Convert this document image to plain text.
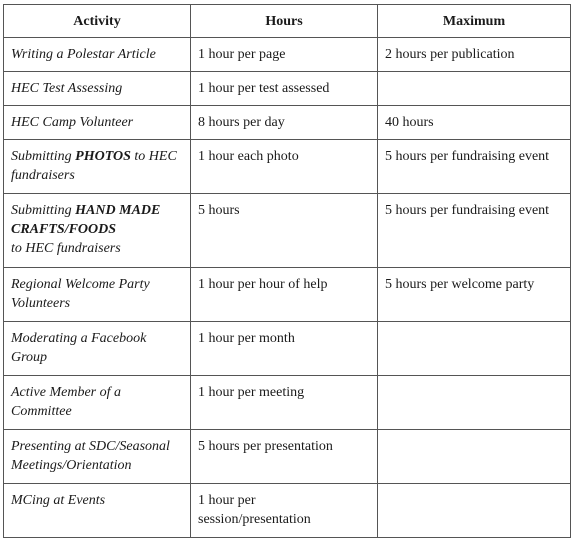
Activity	Hours	Maximum

Writing a Polestar Article	1 hour per page	2 hours per publication

HEC Test Assessing	1 hour per test assessed	

HEC Camp Volunteer	8 hours per day	40 hours

Submitting PHOTOS to HEC fundraisers	1 hour each photo	5 hours per fundraising event

Submitting HAND MADE CRAFTS/FOODS
to HEC fundraisers	5 hours	5 hours per fundraising event

Regional Welcome Party Volunteers	1 hour per hour of help	5 hours per welcome party

Moderating a Facebook Group	1 hour per month	

Active Member of a Committee	1 hour per meeting	

Presenting at SDC/Seasonal Meetings/Orientation	5 hours per presentation	

MCing at Events	1 hour per session/presentation	
